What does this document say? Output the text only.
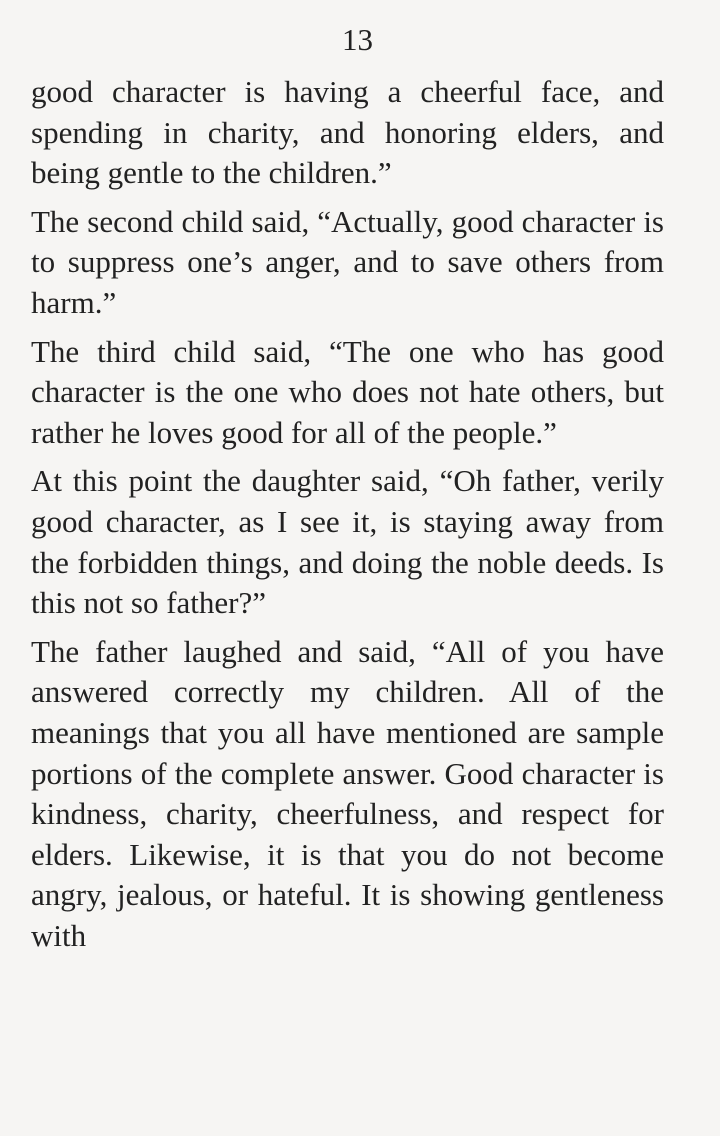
13

good character is having a cheerful face, and spending in charity, and honoring elders, and being gentle to the children.”

The second child said, “Actually, good character is to suppress one’s anger, and to save others from harm.”

The third child said, “The one who has good character is the one who does not hate others, but rather he loves good for all of the people.”

At this point the daughter said, “Oh father, verily good character, as I see it, is staying away from the forbidden things, and doing the noble deeds. Is this not so father?”

The father laughed and said, “All of you have answered correctly my children. All of the meanings that you all have mentioned are sample portions of the complete answer. Good character is kindness, charity, cheerfulness, and respect for elders. Likewise, it is that you do not become angry, jealous, or hateful. It is showing gentleness with
